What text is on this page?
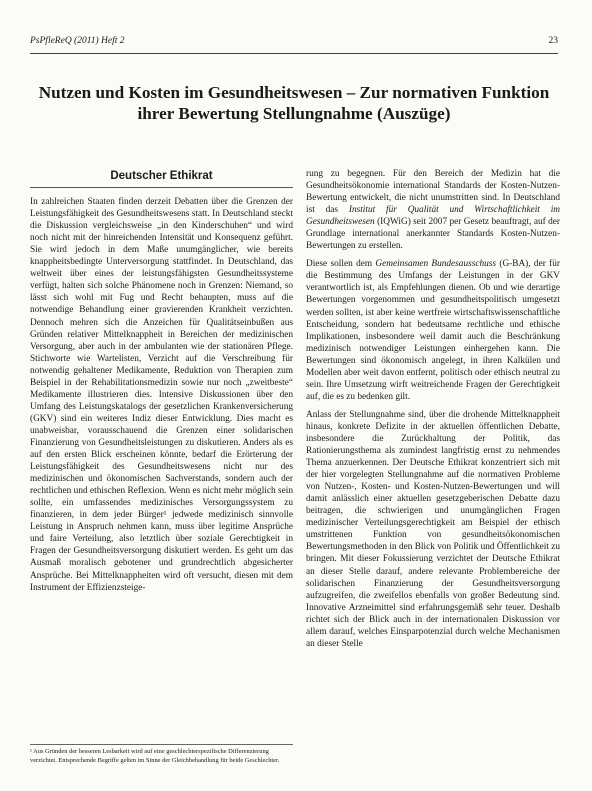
PsPfleReQ (2011) Heft 2	23
Nutzen und Kosten im Gesundheitswesen – Zur normativen Funktion
ihrer Bewertung Stellungnahme (Auszüge)
Deutscher Ethikrat

In zahlreichen Staaten finden derzeit Debatten über die Grenzen der Leistungsfähigkeit des Gesundheitswesens statt. In Deutschland steckt die Diskussion vergleichsweise „in den Kinderschuhen“ und wird noch nicht mit der hinreichenden Intensität und Konsequenz geführt. Sie wird jedoch in dem Maße unumgänglicher, wie bereits knappheitsbedingte Unterversorgung stattfindet. In Deutschland, das weltweit über eines der leistungsfähigsten Gesundheitssysteme verfügt, halten sich solche Phänomene noch in Grenzen: Niemand, so lässt sich wohl mit Fug und Recht behaupten, muss auf die notwendige Behandlung einer gravierenden Krankheit verzichten. Dennoch mehren sich die Anzeichen für Qualitätseinbußen aus Gründen relativer Mittelknappheit in Bereichen der medizinischen Versorgung, aber auch in der ambulanten wie der stationären Pflege. Stichworte wie Wartelisten, Verzicht auf die Verschreibung für notwendig gehaltener Medikamente, Reduktion von Therapien zum Beispiel in der Rehabilitationsmedizin sowie nur noch „zweitbeste“ Medikamente illustrieren dies. Intensive Diskussionen über den Umfang des Leistungskatalogs der gesetzlichen Krankenversicherung (GKV) sind ein weiteres Indiz dieser Entwicklung. Dies macht es unabweisbar, vorausschauend die Grenzen einer solidarischen Finanzierung von Gesundheitsleistungen zu diskutieren. Anders als es auf den ersten Blick erscheinen könnte, bedarf die Erörterung der Leistungsfähigkeit des Gesundheitswesens nicht nur des medizinischen und ökonomischen Sachverstands, sondern auch der rechtlichen und ethischen Reflexion. Wenn es nicht mehr möglich sein sollte, ein umfassendes medizinisches Versorgungssystem zu finanzieren, in dem jeder Bürger¹ jedwede medizinisch sinnvolle Leistung in Anspruch nehmen kann, muss über legitime Ansprüche und faire Verteilung, also letztlich über soziale Gerechtigkeit in Fragen der Gesundheitsversorgung diskutiert werden. Es geht um das Ausmaß moralisch gebotener und grundrechtlich abgesicherter Ansprüche. Bei Mittelknappheiten wird oft versucht, diesen mit dem Instrument der Effizienzsteige-

¹ Aus Gründen der besseren Lesbarkeit wird auf eine geschlechterspezifische Differenzierung verzichtet. Entsprechende Begriffe gelten im Sinne der Gleichbehandlung für beide Geschlechter.

rung zu begegnen. Für den Bereich der Medizin hat die Gesundheitsökonomie international Standards der Kosten-Nutzen-Bewertung entwickelt, die nicht unumstritten sind. In Deutschland ist das Institut für Qualität und Wirtschaftlichkeit im Gesundheitswesen (IQWiG) seit 2007 per Gesetz beauftragt, auf der Grundlage international anerkannter Standards Kosten-Nutzen-Bewertungen zu erstellen.

Diese sollen dem Gemeinsamen Bundesausschuss (G-BA), der für die Bestimmung des Umfangs der Leistungen in der GKV verantwortlich ist, als Empfehlungen dienen. Ob und wie derartige Bewertungen vorgenommen und gesundheitspolitisch umgesetzt werden sollten, ist aber keine wertfreie wirtschaftswissenschaftliche Entscheidung, sondern hat bedeutsame rechtliche und ethische Implikationen, insbesondere weil damit auch die Beschränkung medizinisch notwendiger Leistungen einhergehen kann. Die Bewertungen sind ökonomisch angelegt, in ihren Kalkülen und Modellen aber weit davon entfernt, politisch oder ethisch neutral zu sein. Ihre Umsetzung wirft weitreichende Fragen der Gerechtigkeit auf, die es zu bedenken gilt.

Anlass der Stellungnahme sind, über die drohende Mittelknappheit hinaus, konkrete Defizite in der aktuellen öffentlichen Debatte, insbesondere die Zurückhaltung der Politik, das Rationierungsthema als zumindest langfristig ernst zu nehmendes Thema anzuerkennen. Der Deutsche Ethikrat konzentriert sich mit der hier vorgelegten Stellungnahme auf die normativen Probleme von Nutzen-, Kosten- und Kosten-Nutzen-Bewertungen und will damit anlässlich einer aktuellen gesetzgeberischen Debatte dazu beitragen, die schwierigen und unumgänglichen Fragen medizinischer Verteilungsgerechtigkeit am Beispiel der ethisch umstrittenen Funktion von gesundheitsökonomischen Bewertungsmethoden in den Blick von Politik und Öffentlichkeit zu bringen. Mit dieser Fokussierung verzichtet der Deutsche Ethikrat an dieser Stelle darauf, andere relevante Problembereiche der solidarischen Finanzierung der Gesundheitsversorgung aufzugreifen, die zweifellos ebenfalls von großer Bedeutung sind. Innovative Arzneimittel sind erfahrungsgemäß sehr teuer. Deshalb richtet sich der Blick auch in der internationalen Diskussion vor allem darauf, welches Einsparpotenzial durch welche Mechanismen an dieser Stelle
